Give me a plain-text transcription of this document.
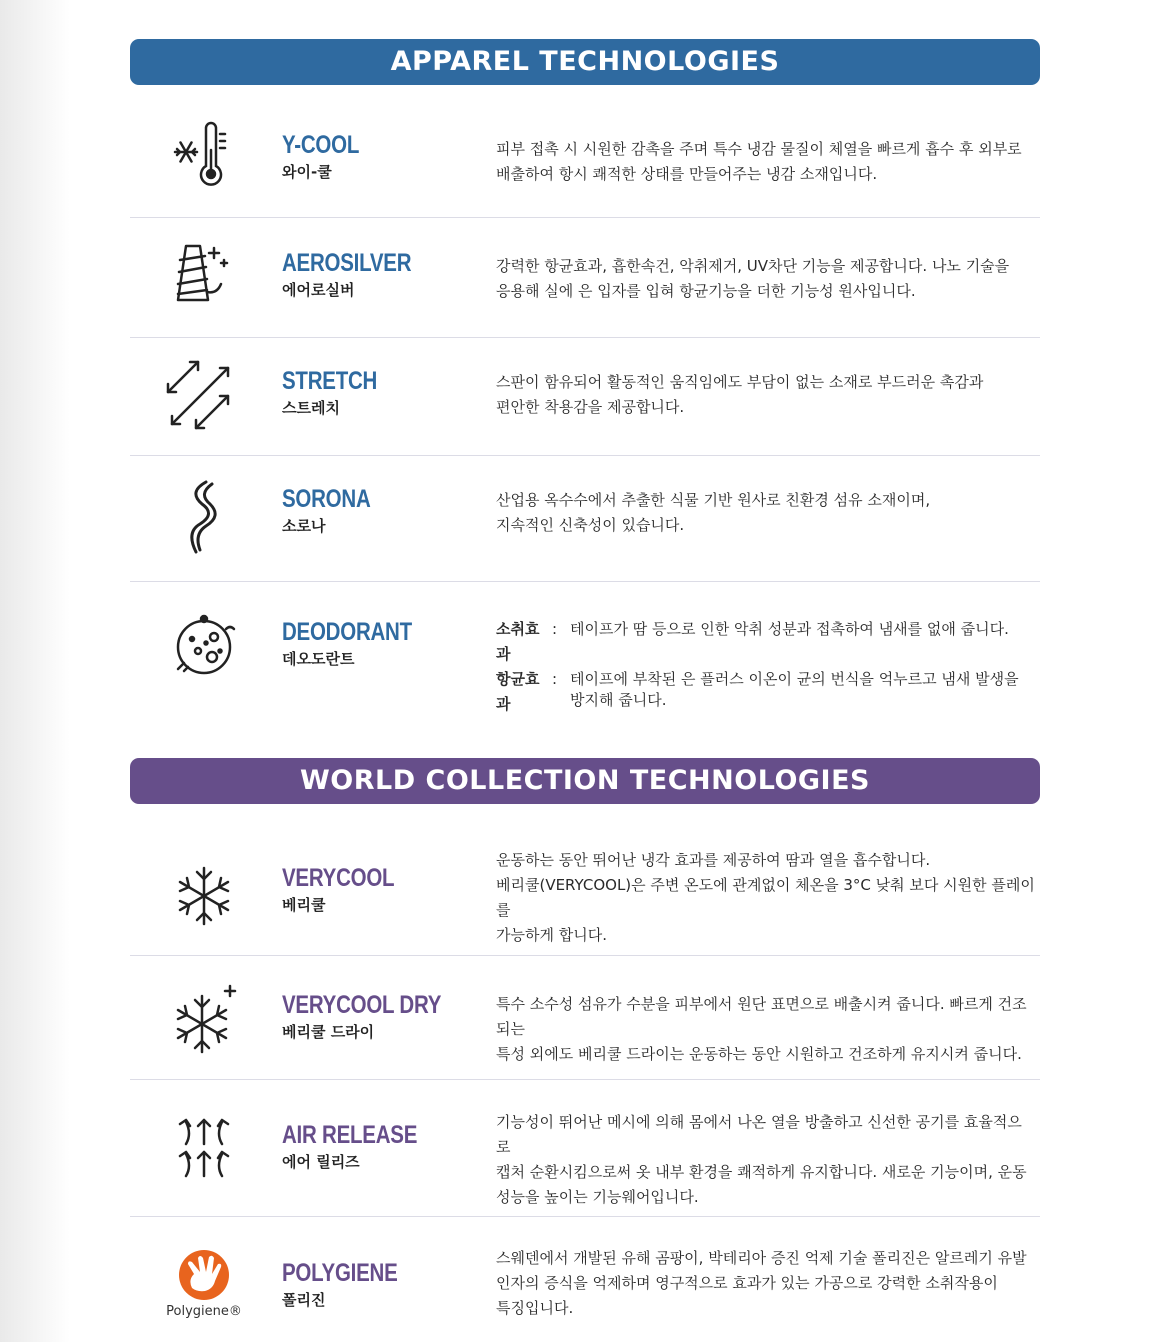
APPAREL TECHNOLOGIES
Y-COOL
와이-쿨

피부 접촉 시 시원한 감촉을 주며 특수 냉감 물질이 체열을 빠르게 흡수 후 외부로

배출하여 항시 쾌적한 상태를 만들어주는 냉감 소재입니다.

AEROSILVER
에어로실버

강력한 항균효과, 흡한속건, 악취제거, UV차단 기능을 제공합니다. 나노 기술을

응용해 실에 은 입자를 입혀 항균기능을 더한 기능성 원사입니다.

STRETCH
스트레치

스판이 함유되어 활동적인 움직임에도 부담이 없는 소재로 부드러운 촉감과

편안한 착용감을 제공합니다.

SORONA
소로나

산업용 옥수수에서 추출한 식물 기반 원사로 친환경 섬유 소재이며,

지속적인 신축성이 있습니다.

DEODORANT
데오도란트
소취효과
: 테이프가 땀 등으로 인한 악취 성분과 접촉하여 냄새를 없애 줍니다.
항균효과
: 테이프에 부착된 은 플러스 이온이 균의 번식을 억누르고 냄새 발생을 방지해 줍니다.
WORLD COLLECTION TECHNOLOGIES
VERYCOOL
베리쿨

운동하는 동안 뛰어난 냉각 효과를 제공하여 땀과 열을 흡수합니다.

베리쿨(VERYCOOL)은 주변 온도에 관계없이 체온을 3°C 낮춰 보다 시원한 플레이를

가능하게 합니다.

VERYCOOL DRY
베리쿨 드라이

특수 소수성 섬유가 수분을 피부에서 원단 표면으로 배출시켜 줍니다. 빠르게 건조되는

특성 외에도 베리쿨 드라이는 운동하는 동안 시원하고 건조하게 유지시켜 줍니다.

AIR RELEASE
에어 릴리즈

기능성이 뛰어난 메시에 의해 몸에서 나온 열을 방출하고 신선한 공기를 효율적으로

캡처 순환시킴으로써 옷 내부 환경을 쾌적하게 유지합니다. 새로운 기능이며, 운동

성능을 높이는 기능웨어입니다.

Polygiene®
POLYGIENE
폴리진

스웨덴에서 개발된 유해 곰팡이, 박테리아 증진 억제 기술 폴리진은 알르레기 유발

인자의 증식을 억제하며 영구적으로 효과가 있는 가공으로 강력한 소취작용이

특징입니다.
